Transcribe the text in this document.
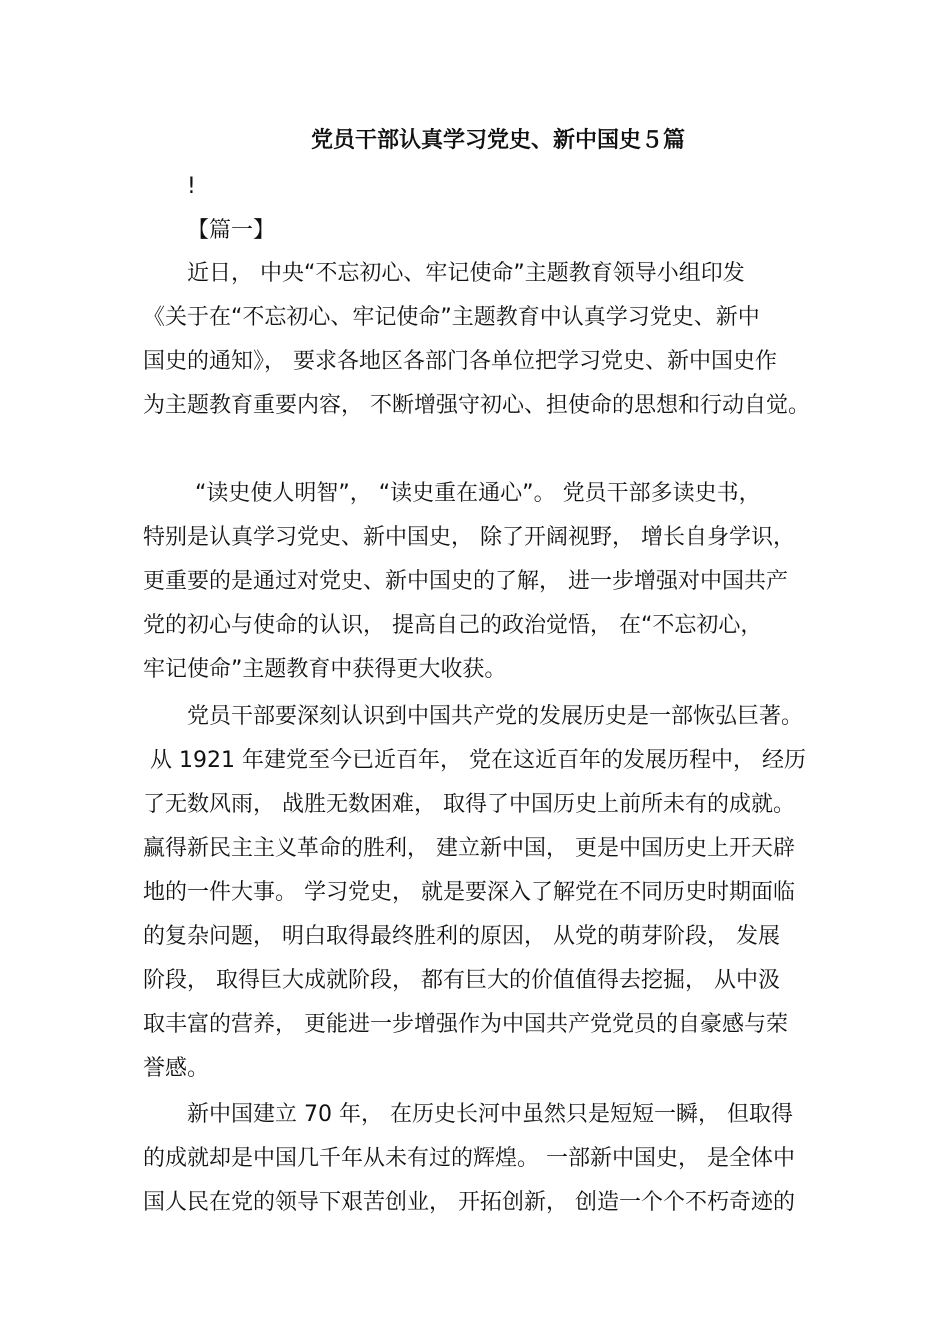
党员干部认真学习党史、新中国史５篇
!
【篇一】
近日， 中央“不忘初心、牢记使命”主题教育领导小组印发
《关于在“不忘初心、牢记使命”主题教育中认真学习党史、新中
国史的通知》， 要求各地区各部门各单位把学习党史、新中国史作
为主题教育重要内容， 不断增强守初心、担使命的思想和行动自觉。
“读史使人明智”， “读史重在通心”。 党员干部多读史书，
特别是认真学习党史、新中国史， 除了开阔视野， 增长自身学识，
更重要的是通过对党史、新中国史的了解， 进一步增强对中国共产
党的初心与使命的认识， 提高自己的政治觉悟， 在“不忘初心，
牢记使命”主题教育中获得更大收获。
党员干部要深刻认识到中国共产党的发展历史是一部恢弘巨著。
从 1921 年建党至今已近百年， 党在这近百年的发展历程中， 经历
了无数风雨， 战胜无数困难， 取得了中国历史上前所未有的成就。
赢得新民主主义革命的胜利， 建立新中国， 更是中国历史上开天辟
地的一件大事。 学习党史， 就是要深入了解党在不同历史时期面临
的复杂问题， 明白取得最终胜利的原因， 从党的萌芽阶段， 发展
阶段， 取得巨大成就阶段， 都有巨大的价值值得去挖掘， 从中汲
取丰富的营养， 更能进一步增强作为中国共产党党员的自豪感与荣
誉感。
新中国建立 70 年， 在历史长河中虽然只是短短一瞬， 但取得
的成就却是中国几千年从未有过的辉煌。 一部新中国史， 是全体中
国人民在党的领导下艰苦创业， 开拓创新， 创造一个个不朽奇迹的
